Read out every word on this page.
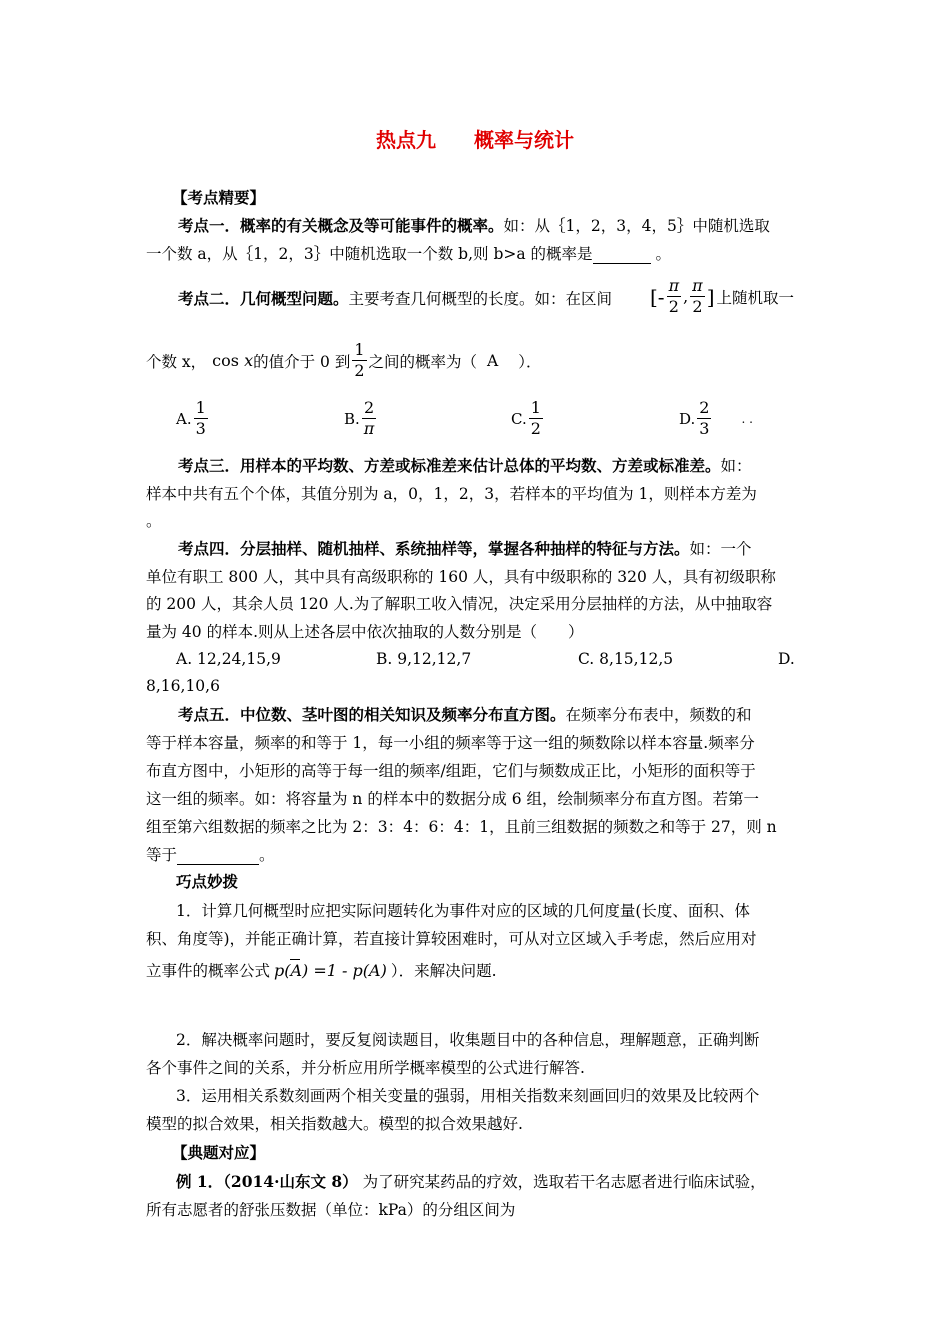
热点九 概率与统计
【考点精要】
考点一．概率的有关概念及等可能事件的概率。如：从｛1，2，3，4，5｝中随机选取
一个数 a，从｛1，2，3｝中随机选取一个数 b,则 b>a 的概率是	。
考点二．几何概型问题。主要考查几何概型的长度。如：在区间 [- $\frac{\pi}{2}$ , $\frac{\pi}{2}$ ] 上随机取一
个数 x， cos x 的值介于 0 到 $\frac{1}{2}$ 之间的概率为（ A ）．
A. $\frac{1}{3}$	B. $\frac{2}{\pi}$	C. $\frac{1}{2}$	D. $\frac{2}{3}$	. .
考点三．用样本的平均数、方差或标准差来估计总体的平均数、方差或标准差。如：
样本中共有五个个体，其值分别为 a，0，1，2，3，若样本的平均值为 1，则样本方差为
。
考点四．分层抽样、随机抽样、系统抽样等，掌握各种抽样的特征与方法。如：一个
单位有职工 800 人，其中具有高级职称的 160 人，具有中级职称的 320 人，具有初级职称
的 200 人，其余人员 120 人.为了解职工收入情况，决定采用分层抽样的方法，从中抽取容
量为 40 的样本.则从上述各层中依次抽取的人数分别是（　　）
A. 12,24,15,9	B. 9,12,12,7	C. 8,15,12,5	D.
8,16,10,6
考点五．中位数、茎叶图的相关知识及频率分布直方图。在频率分布表中，频数的和
等于样本容量，频率的和等于 1，每一小组的频率等于这一组的频数除以样本容量.频率分
布直方图中，小矩形的高等于每一组的频率/组距，它们与频数成正比，小矩形的面积等于
这一组的频率。如：将容量为 n 的样本中的数据分成 6 组，绘制频率分布直方图。若第一
组至第六组数据的频率之比为 2：3：4：6：4：1，且前三组数据的频数之和等于 27，则 n
等于	。
巧点妙拨
1．计算几何概型时应把实际问题转化为事件对应的区域的几何度量(长度、面积、体
积、角度等)，并能正确计算，若直接计算较困难时，可从对立区域入手考虑，然后应用对
立事件的概率公式 p(A) =1 - p(A) ）．来解决问题.
2．解决概率问题时，要反复阅读题目，收集题目中的各种信息，理解题意，正确判断
各个事件之间的关系，并分析应用所学概率模型的公式进行解答.
3．运用相关系数刻画两个相关变量的强弱，用相关指数来刻画回归的效果及比较两个
模型的拟合效果，相关指数越大。模型的拟合效果越好.
【典题对应】
例 1．（2014·山东文 8） 为了研究某药品的疗效，选取若干名志愿者进行临床试验，
所有志愿者的舒张压数据（单位：kPa）的分组区间为
